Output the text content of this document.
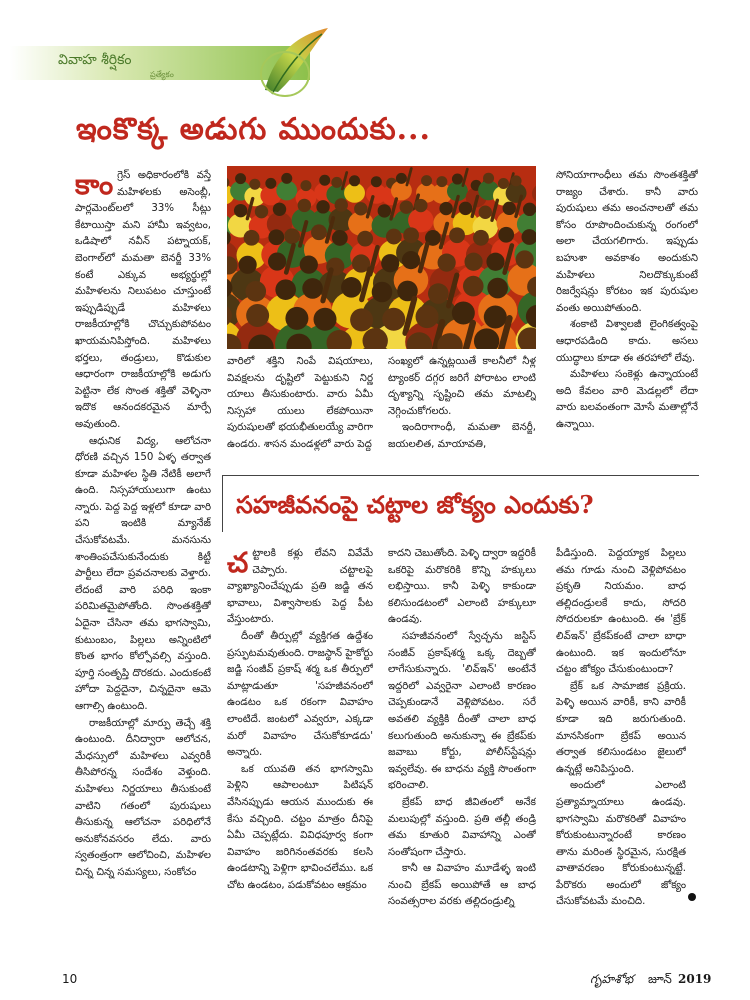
వివాహ శీర్షికం
ప్రత్యేకం
ఇంకొక్క అడుగు ముందుకు...

కాంగ్రెస్ అధికారంలోకి వస్తే మహిళలకు అసెంబ్లీ, పార్లమెంట్‌లలో 33% సీట్లు కేటాయిస్తా మని హామీ ఇవ్వటం, ఒడిషాలో నవీన్ పట్నాయక్, బెంగాల్‌లో మమతా బెనర్జీ 33% కంటే ఎక్కువ అభ్యర్థుల్లో మహిళలను నిలుపటం చూస్తుంటే ఇప్పుడిప్పుడే మహిళలు రాజకీయాల్లోకి చొచ్చుకుపోవటం ఖాయమనిపిస్తోంది. మహిళలు భర్తలు, తండ్రులు, కొడుకుల ఆధారంగా రాజకీయాల్లోకి అడుగు పెట్టినా లేక సొంత శక్తితో వెళ్ళినా ఇదొక ఆనందకరమైన మార్పే అవుతుంది.

ఆధునిక విద్య, ఆలోచనా ధోరణి వచ్చిన 150 ఏళ్ళ తర్వాత కూడా మహిళల స్థితి నేటికీ అలాగే ఉంది. నిస్సహాయులుగా ఉంటు న్నారు. పెద్ద పెద్ద ఇళ్లలో కూడా వారి పని ఇంటికి మ్యానేజ్ చేసుకోవటమే. మనసును శాంతింపచేసుకునేందుకు కిట్టీ పార్టీలు లేదా ప్రవచనాలకు వెళ్తారు. లేదంటే వారి పరిధి ఇంకా పరిమితమైపోతోంది. సొంతశక్తితో ఏదైనా చేసినా తమ భాగస్వామి, కుటుంబం, పిల్లలు అన్నింటిలో కొంత భాగం కోల్పోవల్సి వస్తుంది. పూర్తి సంతృప్తి దొరకదు. ఎందుకంటే హోదా పెద్దదైనా, చిన్నదైనా ఆమె ఆగాల్సి ఉంటుంది.

రాజకీయాల్లో మార్పు తెచ్చే శక్తి ఉంటుంది. దీనిద్వారా ఆలోచన, మేధస్సులో మహిళలు ఎవ్వరికీ తీసిపోరన్న సందేశం వెళ్తుంది. మహిళలు నిర్ణయాలు తీసుకుంటే వాటిని గతంలో పురుషులు తీసుకున్న ఆలోచనా పరిధిలోనే అనుకోనవసరం లేదు. వారు స్వతంత్రంగా ఆలోచించి, మహిళల చిన్న చిన్న సమస్యలు, సంకోచం

వారిలో శక్తిని నింపే విషయాలు, వివక్షలను దృష్టిలో పెట్టుకుని నిర్ణ యాలు తీసుకుంటారు. వారు ఏమీ నిస్సహా యులు లేకపోయినా పురుషులతో భయభీతులయ్యే వారిగా ఉండరు. శాసన మండళ్లలో వారు పెద్ద

సంఖ్యలో ఉన్నట్లయితే కాలనీలో నీళ్ల ట్యాంకర్ దగ్గర జరిగే పోరాటం లాంటి దృశ్యాన్ని సృష్టించి తమ మాటల్ని నెగ్గించుకోగలరు.

ఇందిరాగాంధీ, మమతా బెనర్జీ, జయలలిత, మాయావతి,

సోనియాగాంధీలు తమ సొంతశక్తితో రాజ్యం చేశారు. కానీ వారు పురుషులు తమ అంచనాలతో తమ కోసం రూపొందించుకున్న రంగంలో అలా చేయగలిగారు. ఇప్పుడు బహుశా అవకాశం అందుకుని మహిళలు నిలదొక్కుకుంటే రిజర్వేషన్లు కోరటం ఇక పురుషుల వంతు అయిపోతుంది.

శంకాటి విశ్వాలజీ లైంగికత్వంపై ఆధారపడింది కాదు. అసలు యుద్ధాలు కూడా ఈ తరహాలో లేవు.

మహిళలు సంకెళ్లు ఉన్నాయంటే అది కేవలం వారి మెడల్లలో లేదా వారు బలవంతంగా మోసే మతాల్లోనే ఉన్నాయి.

సహజీవనంపై చట్టాల జోక్యం ఎందుకు?

చట్టాలకి కళ్లు లేవని వివేమే చెప్పారు. చట్టాలపై వ్యాఖ్యానించేప్పుడు ప్రతి జడ్జి తన భావాలు, విశ్వాసాలకు పెద్ద పీట వేస్తుంటారు.

దీంతో తీర్పుల్లో వ్యక్తిగత ఉద్దేశం ప్రస్ఫుటమవుతుంది. రాజస్థాన్ హైకోర్టు జడ్జి సంజీవ్ ప్రకాష్ శర్మ ఒక తీర్పులో మాట్లాడుతూ 'సహజీవనంలో ఉండటం ఒక రకంగా వివాహం లాంటిదే. జంటలో ఎవ్వరూ, ఎక్కడా మరో వివాహం చేసుకోకూడదు' అన్నారు.

ఒక యువతి తన భాగస్వామి పెళ్లిని ఆపాలంటూ పిటిషన్ వేసినప్పుడు ఆయన ముందుకు ఈ కేసు వచ్చింది. చట్టం మాత్రం దీనిపై ఏమీ చెప్పట్లేదు. వివిధపూర్వ కంగా వివాహం జరిగినంతవరకు కలసి ఉండటాన్ని పెళ్లిగా భావించలేము. ఒక చోట ఉండటం, పడుకోవటం ఆక్రమం

కాదని చెబుతోంది. పెళ్ళి ద్వారా ఇద్దరికీ ఒకరిపై మరొకరికి కొన్ని హక్కులు లభిస్తాయి. కానీ పెళ్ళి కాకుండా కలిసుండటంలో ఎలాంటి హక్కులూ ఉండవు.

సహజీవనంలో స్వేచ్ఛను జస్టిస్ సంజీవ్ ప్రకాష్‌శర్మ ఒక్క దెబ్బతో లాగేసుకున్నారు. 'లివ్‌ఇన్' అంటేనే ఇద్దరిలో ఎవ్వరైనా ఎలాంటి కారణం చెప్పకుండానే వెళ్లిపోవటం. సరే అవతలి వ్యక్తికి దీంతో చాలా బాధ కలుగుతుంది అనుకున్నా ఈ బ్రేకప్‌కు జవాబు కోర్టు, పోలీస్‌స్టేషన్లు ఇవ్వలేవు. ఈ బాధను వ్యక్తి సొంతంగా భరించాలి.

బ్రేకప్ బాధ జీవితంలో అనేక మలుపుల్లో వస్తుంది. ప్రతి తల్లీ తండ్రి తమ కూతురి వివాహాన్ని ఎంతో సంతోషంగా చేస్తారు.

కానీ ఆ వివాహం మూడేళ్ళ ఇంటి నుంచి బ్రేకప్ అయిపోతే ఆ బాధ సంవత్సరాల వరకు తల్లిదండ్రుల్ని

పీడిస్తుంది. పెద్దయ్యాక పిల్లలు తమ గూడు నుంచి వెళ్లిపోవటం ప్రకృతి నియమం. బాధ తల్లిదండ్రులకే కాదు, సోదరి సోదరులకూ ఉంటుంది. ఈ 'బ్రేక్ లివ్‌ఇన్' బ్రేకప్‌కంటే చాలా బాధా ఉంటుంది. ఇక ఇందులోనూ చట్టం జోక్యం చేసుకుంటుందా?

బ్రేక్ ఒక సామాజిక ప్రక్రియ. పెళ్ళి అయిన వారికీ, కాని వారికీ కూడా ఇది జరుగుతుంది. మానసికంగా బ్రేకప్ అయిన తర్వాత కలిసుండటం జైలులో ఉన్నట్లే అనిపిస్తుంది.

అందులో ఎలాంటి ప్రత్యామ్నాయాలు ఉండవు. భాగస్వామి మరొకరితో వివాహం కోరుకుంటున్నారంటే కారణం తాను మరింత స్థిరమైన, సురక్షిత వాతావరణం కోరుకుంటున్నట్టే. పేరొకరు అందులో జోక్యం చేసుకోవటమే మంచిది.

10	గృహశోభ జూన్ 2019
